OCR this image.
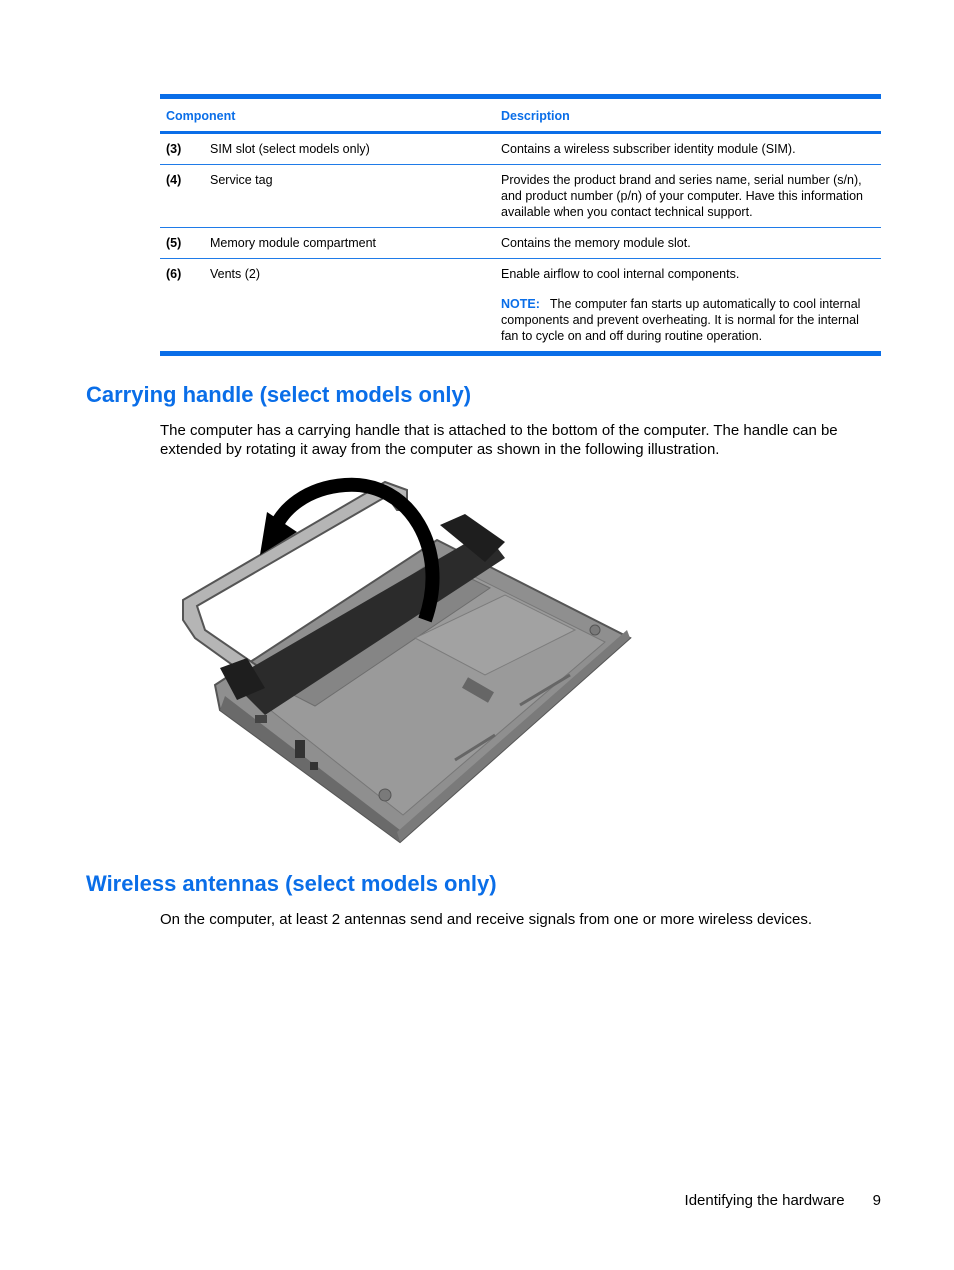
Component		Description
(3)	SIM slot (select models only)	Contains a wireless subscriber identity module (SIM).
(4)	Service tag	Provides the product brand and series name, serial number (s/n), and product number (p/n) of your computer. Have this information available when you contact technical support.
(5)	Memory module compartment	Contains the memory module slot.
(6)	Vents (2)	Enable airflow to cool internal components.
NOTE: The computer fan starts up automatically to cool internal components and prevent overheating. It is normal for the internal fan to cycle on and off during routine operation.
Carrying handle (select models only)

The computer has a carrying handle that is attached to the bottom of the computer. The handle can be extended by rotating it away from the computer as shown in the following illustration.

Wireless antennas (select models only)

On the computer, at least 2 antennas send and receive signals from one or more wireless devices.

Identifying the hardware 9
